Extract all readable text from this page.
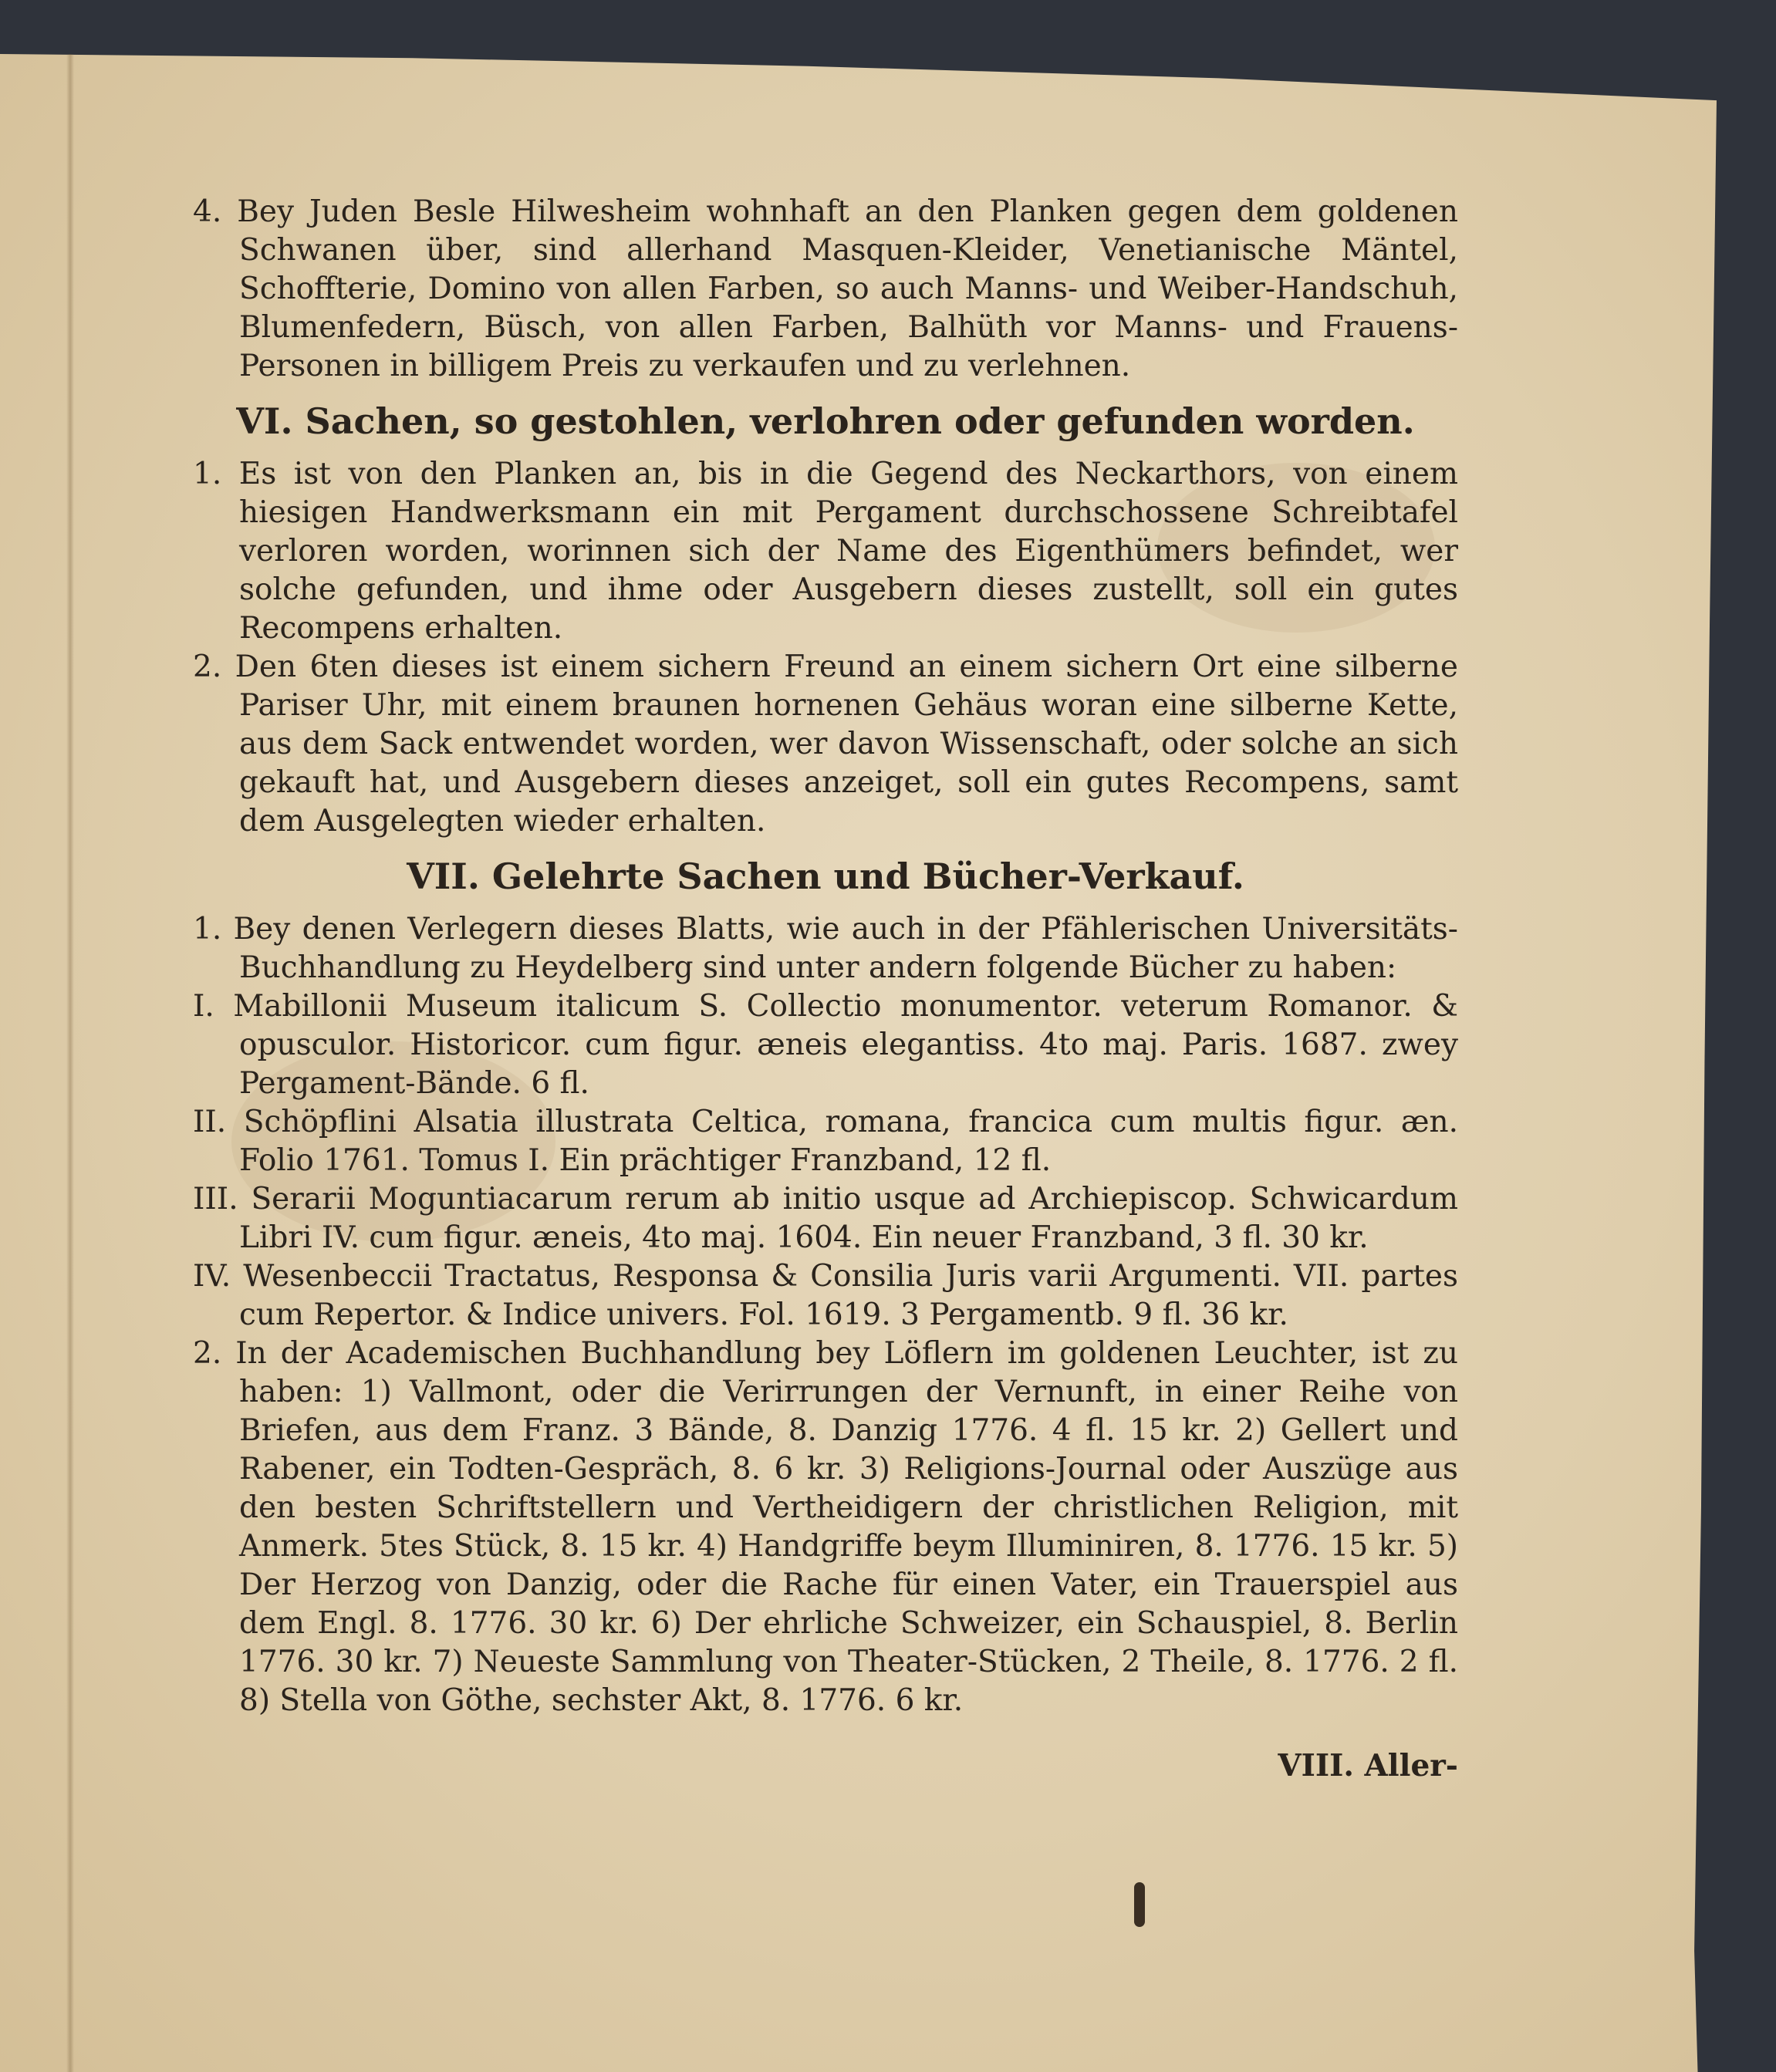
4. Bey Juden Besle Hilwesheim wohnhaft an den Planken gegen dem goldenen Schwanen über, sind allerhand Masquen-Kleider, Venetianische Mäntel, Schoffterie, Domino von allen Farben, so auch Manns- und Weiber-Handschuh, Blumenfedern, Büsch, von allen Farben, Balhüth vor Manns- und Frauens-Personen in billigem Preis zu verkaufen und zu verlehnen.

VI. Sachen, so gestohlen, verlohren oder gefunden worden.

1. Es ist von den Planken an, bis in die Gegend des Neckarthors, von einem hiesigen Handwerksmann ein mit Pergament durchschossene Schreibtafel verloren worden, worinnen sich der Name des Eigenthümers befindet, wer solche gefunden, und ihme oder Ausgebern dieses zustellt, soll ein gutes Recompens erhalten.

2. Den 6ten dieses ist einem sichern Freund an einem sichern Ort eine silberne Pariser Uhr, mit einem braunen hornenen Gehäus woran eine silberne Kette, aus dem Sack entwendet worden, wer davon Wissenschaft, oder solche an sich gekauft hat, und Ausgebern dieses anzeiget, soll ein gutes Recompens, samt dem Ausgelegten wieder erhalten.

VII. Gelehrte Sachen und Bücher-Verkauf.

1. Bey denen Verlegern dieses Blatts, wie auch in der Pfählerischen Universitäts-Buchhandlung zu Heydelberg sind unter andern folgende Bücher zu haben:

I. Mabillonii Museum italicum S. Collectio monumentor. veterum Romanor. & opusculor. Historicor. cum figur. æneis elegantiss. 4to maj. Paris. 1687. zwey Pergament-Bände. 6 fl.

II. Schöpflini Alsatia illustrata Celtica, romana, francica cum multis figur. æn. Folio 1761. Tomus I. Ein prächtiger Franzband, 12 fl.

III. Serarii Moguntiacarum rerum ab initio usque ad Archiepiscop. Schwicardum Libri IV. cum figur. æneis, 4to maj. 1604. Ein neuer Franzband, 3 fl. 30 kr.

IV. Wesenbeccii Tractatus, Responsa & Consilia Juris varii Argumenti. VII. partes cum Repertor. & Indice univers. Fol. 1619. 3 Pergamentb. 9 fl. 36 kr.

2. In der Academischen Buchhandlung bey Löflern im goldenen Leuchter, ist zu haben: 1) Vallmont, oder die Verirrungen der Vernunft, in einer Reihe von Briefen, aus dem Franz. 3 Bände, 8. Danzig 1776. 4 fl. 15 kr. 2) Gellert und Rabener, ein Todten-Gespräch, 8. 6 kr. 3) Religions-Journal oder Auszüge aus den besten Schriftstellern und Vertheidigern der christlichen Religion, mit Anmerk. 5tes Stück, 8. 15 kr. 4) Handgriffe beym Illuminiren, 8. 1776. 15 kr. 5) Der Herzog von Danzig, oder die Rache für einen Vater, ein Trauerspiel aus dem Engl. 8. 1776. 30 kr. 6) Der ehrliche Schweizer, ein Schauspiel, 8. Berlin 1776. 30 kr. 7) Neueste Sammlung von Theater-Stücken, 2 Theile, 8. 1776. 2 fl. 8) Stella von Göthe, sechster Akt, 8. 1776. 6 kr.

VIII. Aller-
